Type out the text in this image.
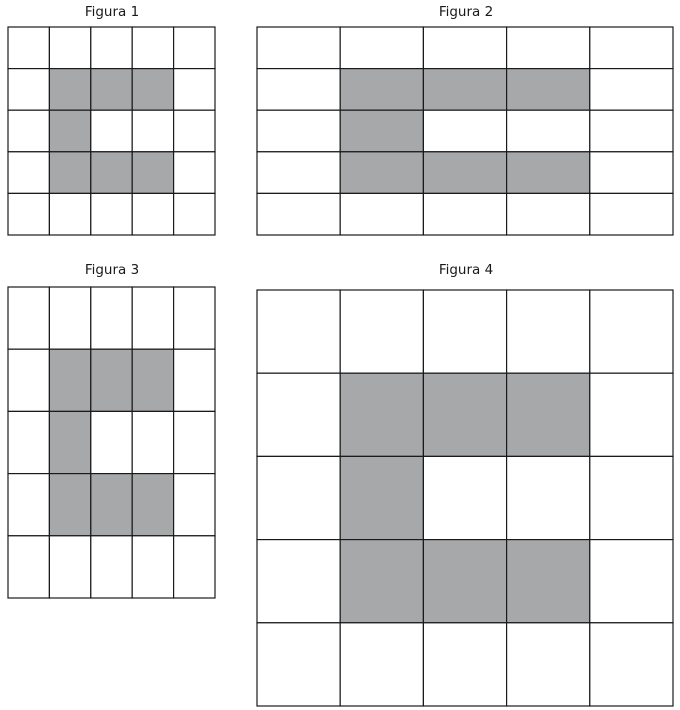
Figura 1	Figura 2
Figura 3	Figura 4
